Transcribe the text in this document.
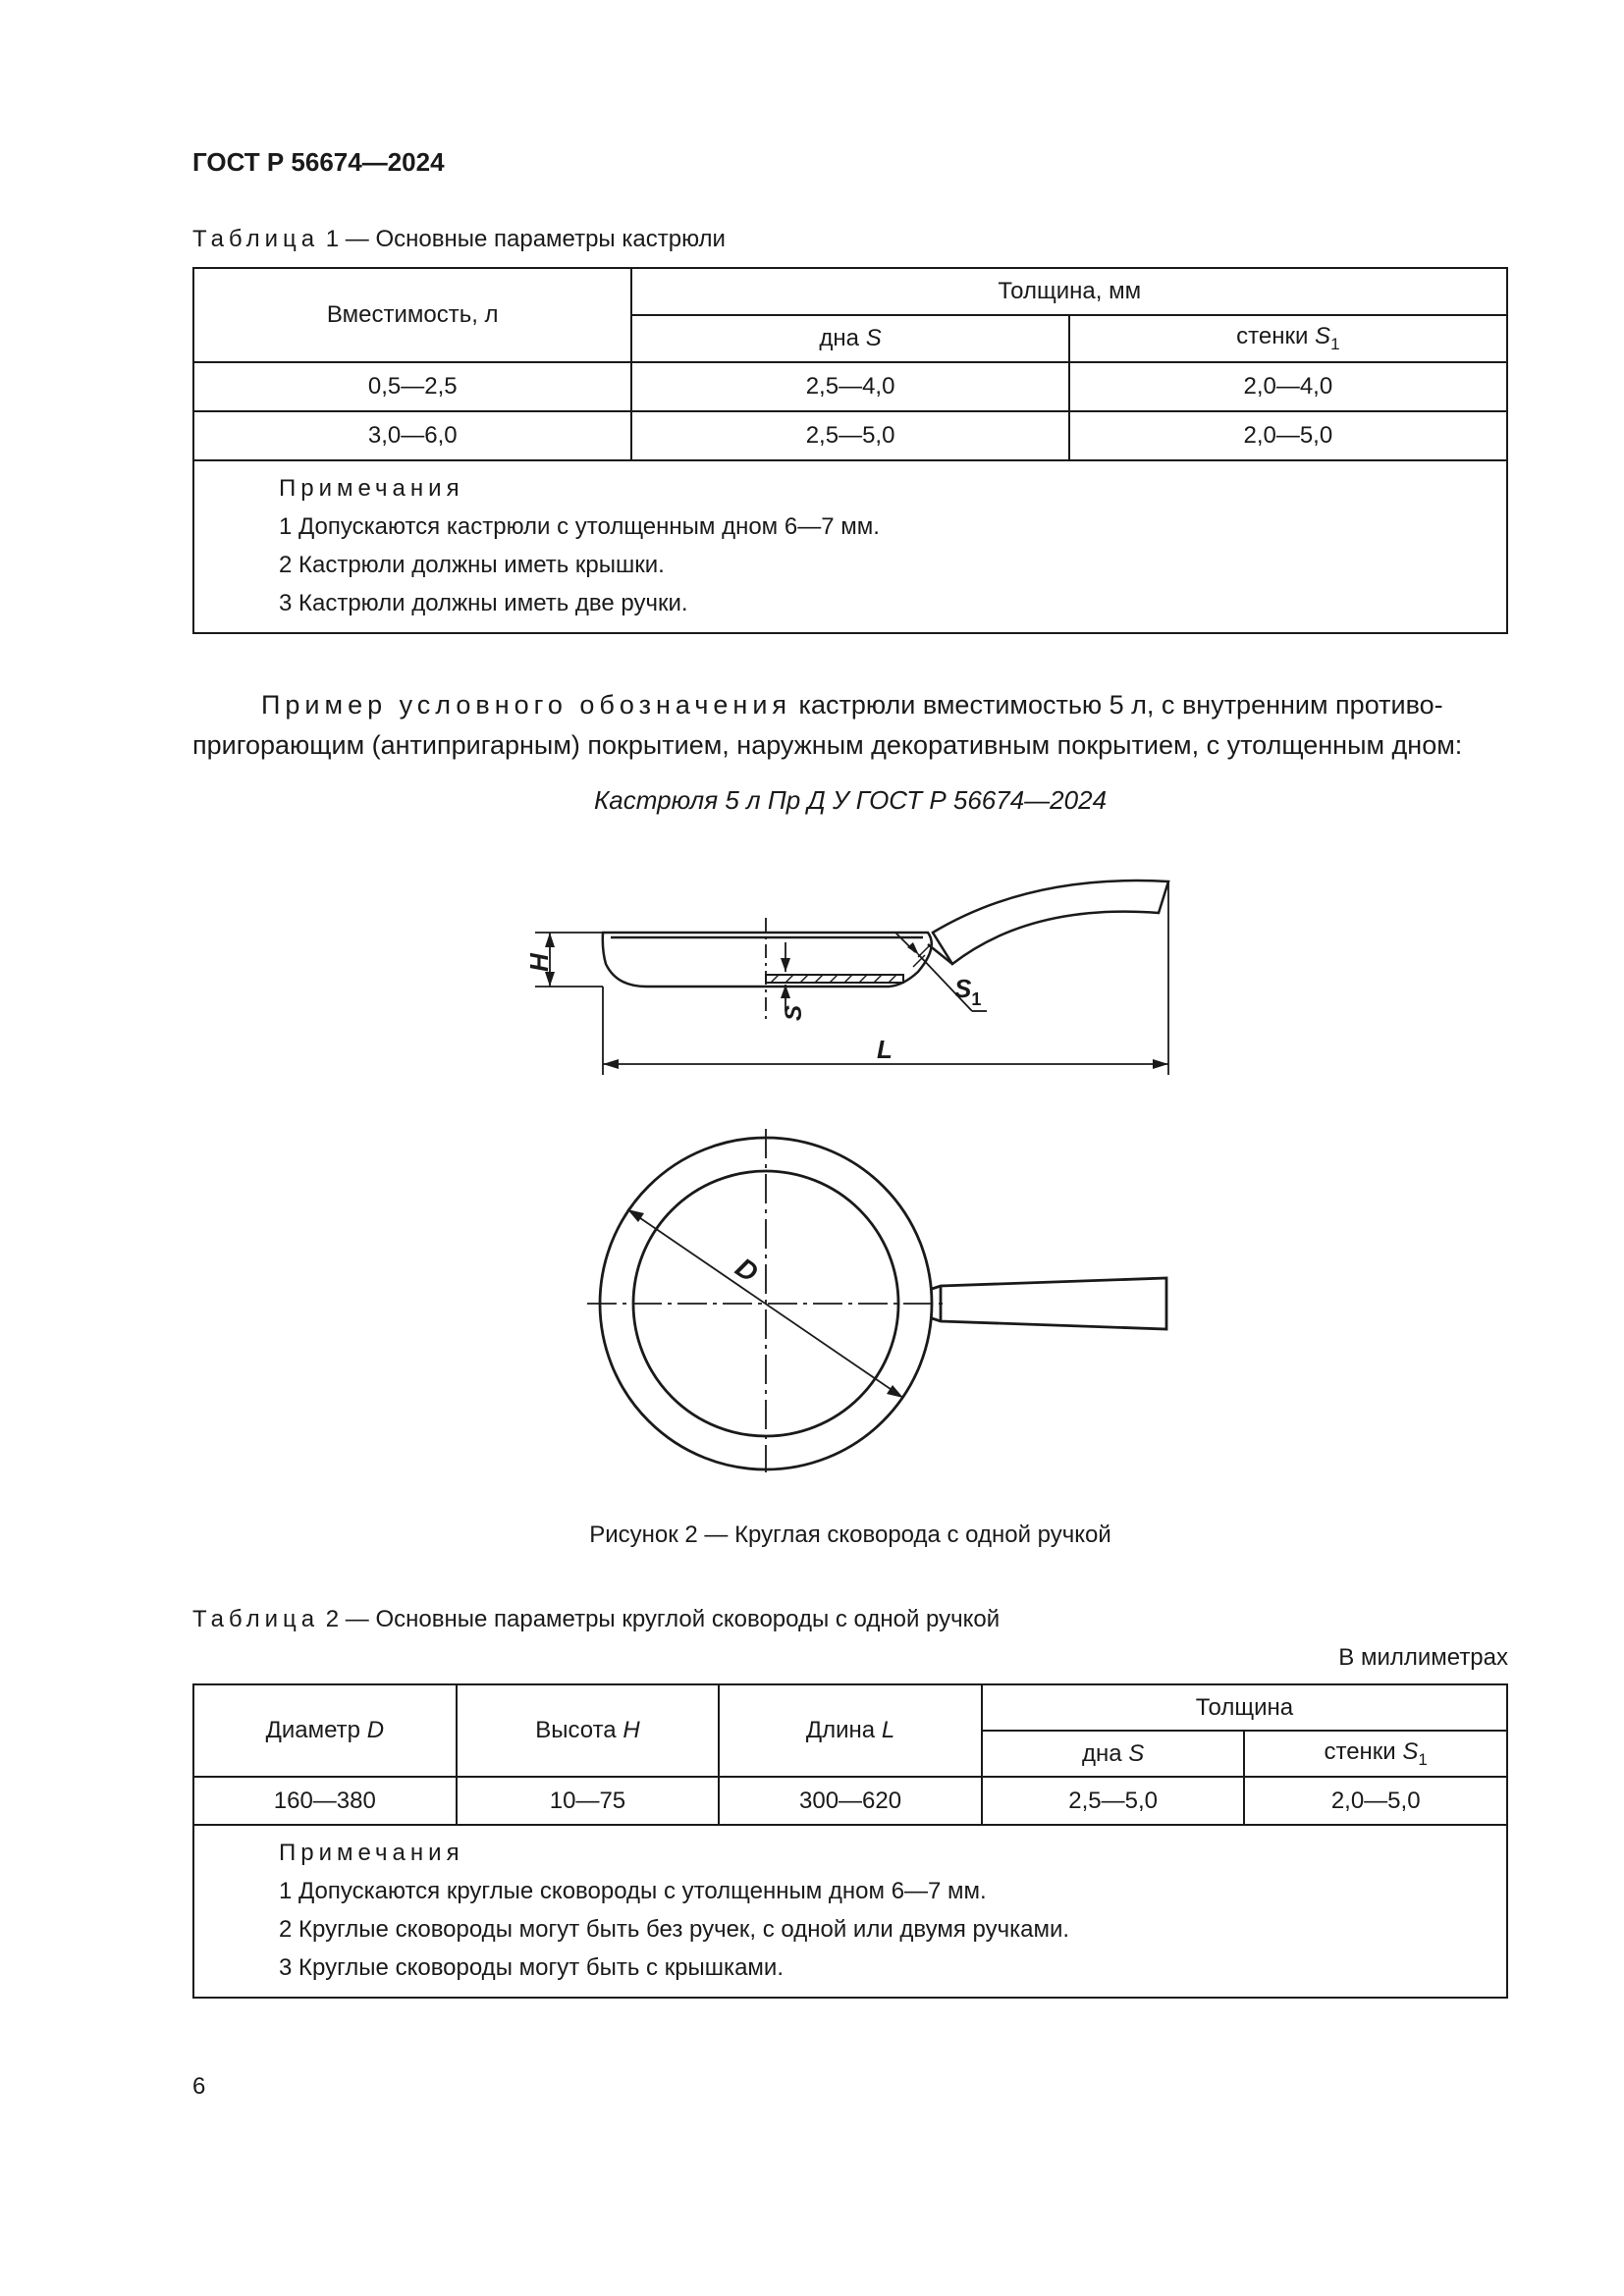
ГОСТ Р 56674—2024
Таблица 1 — Основные параметры кастрюли
Вместимость, л	Толщина, мм	
	дна S	стенки $S_1$
0,5—2,5	2,5—4,0	2,0—4,0
3,0—6,0	2,5—5,0	2,0—5,0

Примечания
1 Допускаются кастрюли с утолщенным дном 6—7 мм.
2 Кастрюли должны иметь крышки.
3 Кастрюли должны иметь две ручки.		
Пример условного обозначения кастрюли вместимостью 5 л, с внутренним противо-
пригорающим (антипригарным) покрытием, наружным декоративным покрытием, с утолщенным дном:
Кастрюля 5 л Пр Д У ГОСТ Р 56674—2024
H
S
$S_1$
L
D
Рисунок 2 — Круглая сковорода с одной ручкой
Таблица 2 — Основные параметры круглой сковороды с одной ручкой
В миллиметрах
Диаметр D	Высота H	Длина L	Толщина	
			дна S	стенки $S_1$
160—380	10—75	300—620	2,5—5,0	2,0—5,0

Примечания
1 Допускаются круглые сковороды с утолщенным дном 6—7 мм.
2 Круглые сковороды могут быть без ручек, с одной или двумя ручками.
3 Круглые сковороды могут быть с крышками.				
6
